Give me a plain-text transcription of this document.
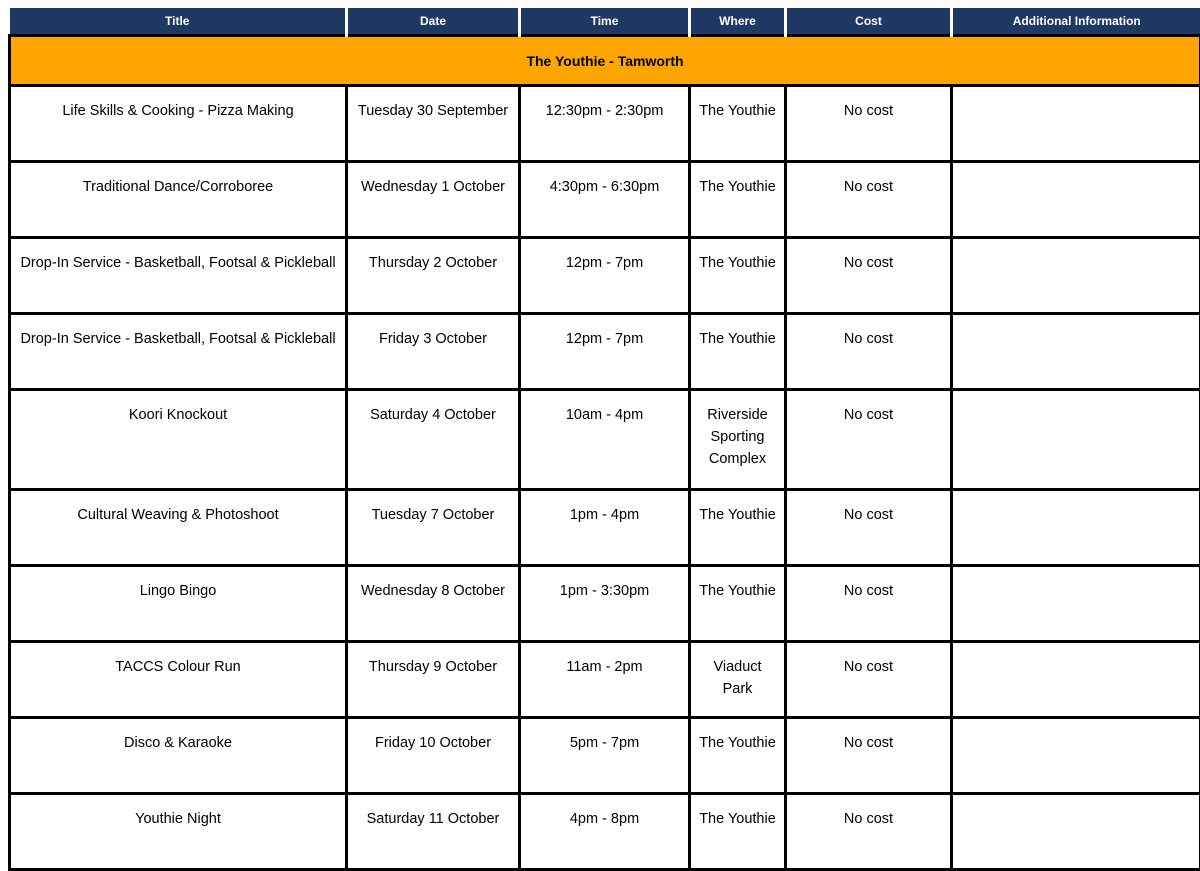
Title	Date	Time	Where	Cost	Additional Information
The Youthie - Tamworth					
Life Skills & Cooking - Pizza Making	Tuesday 30 September	12:30pm - 2:30pm	The Youthie	No cost	
Traditional Dance/Corroboree	Wednesday 1 October	4:30pm - 6:30pm	The Youthie	No cost	
Drop-In Service - Basketball, Footsal & Pickleball	Thursday 2 October	12pm - 7pm	The Youthie	No cost	
Drop-In Service - Basketball, Footsal & Pickleball	Friday 3 October	12pm - 7pm	The Youthie	No cost	
Koori Knockout	Saturday 4 October	10am - 4pm	Riverside Sporting Complex	No cost	
Cultural Weaving & Photoshoot	Tuesday 7 October	1pm - 4pm	The Youthie	No cost	
Lingo Bingo	Wednesday 8 October	1pm - 3:30pm	The Youthie	No cost	
TACCS Colour Run	Thursday 9 October	11am - 2pm	Viaduct Park	No cost	
Disco & Karaoke	Friday 10 October	5pm - 7pm	The Youthie	No cost	
Youthie Night	Saturday 11 October	4pm - 8pm	The Youthie	No cost	
